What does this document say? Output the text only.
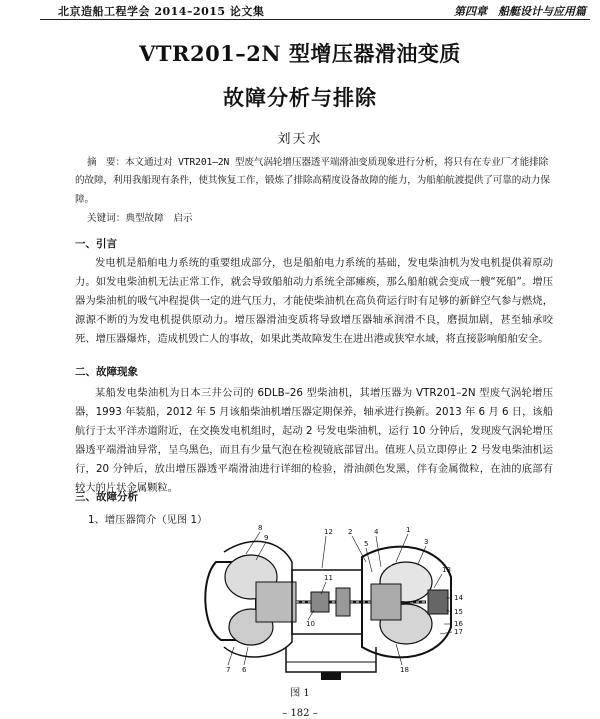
北京造船工程学会 2014–2015 论文集	第四章　船艇设计与应用篇
VTR201–2N 型增压器滑油变质
故障分析与排除
刘天水
摘　要：本文通过对 VTR201–2N 型废气涡轮增压器透平端滑油变质现象进行分析，将只有在专业厂才能排除的故障，利用我船现有条件，使其恢复工作，锻炼了排除高精度设备故障的能力，为船舶航渡提供了可靠的动力保障。
关键词：典型故障　启示
一、引言
发电机是船舶电力系统的重要组成部分，也是船舶电力系统的基础，发电柴油机为发电机提供着原动力。如发电柴油机无法正常工作，就会导致船舶动力系统全部瘫痪，那么船舶就会变成一艘“死船”。增压器为柴油机的吸气冲程提供一定的进气压力，才能使柴油机在高负荷运行时有足够的新鲜空气参与燃烧，源源不断的为发电机提供原动力。增压器滑油变质将导致增压器轴承润滑不良，磨损加剧，甚至轴承咬死、增压器爆炸，造成机毁亡人的事故，如果此类故障发生在进出港或狭窄水域，将直接影响船舶安全。
二、故障现象
某船发电柴油机为日本三井公司的 6DLB–26 型柴油机，其增压器为 VTR201–2N 型废气涡轮增压器，1993 年装船，2012 年 5 月该船柴油机增压器定期保养，轴承进行换新。2013 年 6 月 6 日，该船航行于太平洋赤道附近，在交换发电机组时，起动 2 号发电柴油机，运行 10 分钟后，发现废气涡轮增压器透平端滑油异常，呈乌黑色，而且有少量气泡在检视镜底部冒出。值班人员立即停止 2 号发电柴油机运行，20 分钟后，放出增压器透平端滑油进行详细的检验，滑油颜色发黑，伴有金属微粒，在油的底部有较大的片状金属颗粒。
三、故障分析
1、增压器简介（见图 1）
1
2
3
4
5
6
7
8
9
10
11
12
13
14
15
16
17
18
图 1
– 182 –
